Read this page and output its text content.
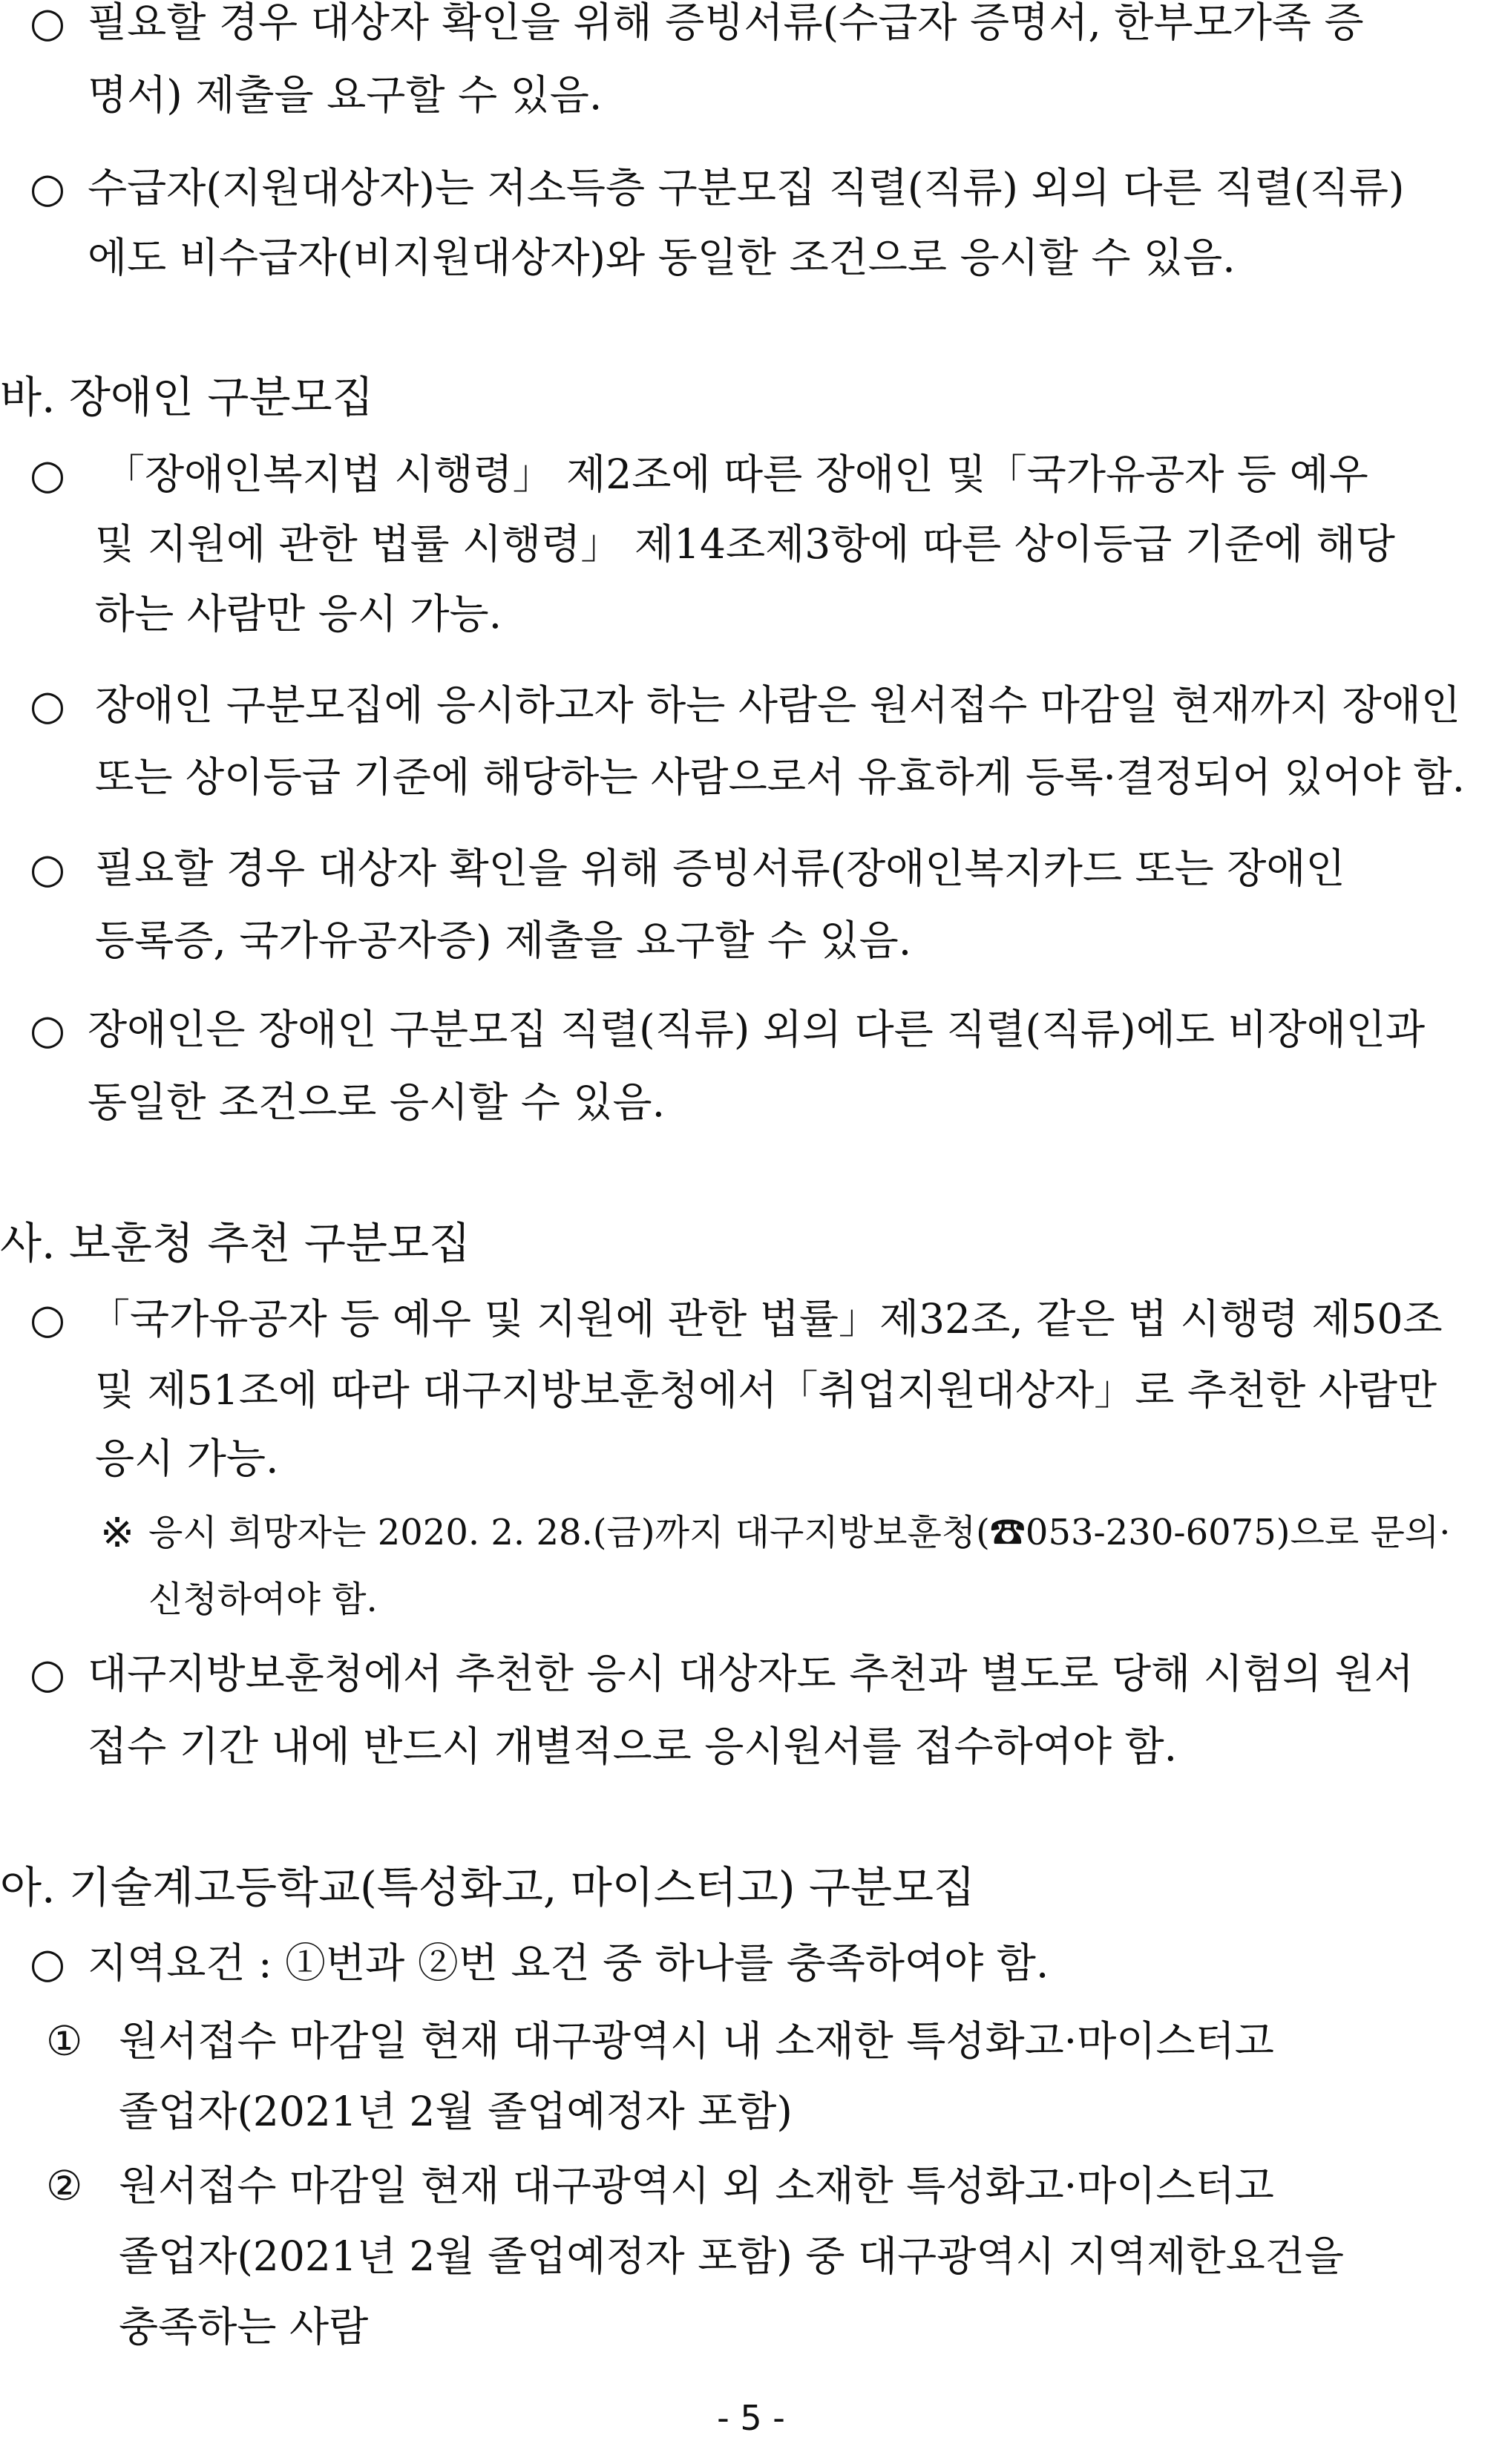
○ 필요할 경우 대상자 확인을 위해 증빙서류(수급자 증명서, 한부모가족 증
명서) 제출을 요구할 수 있음.
○ 수급자(지원대상자)는 저소득층 구분모집 직렬(직류) 외의 다른 직렬(직류)
에도 비수급자(비지원대상자)와 동일한 조건으로 응시할 수 있음.
바. 장애인 구분모집
○ 「장애인복지법 시행령」 제2조에 따른 장애인 및「국가유공자 등 예우
및 지원에 관한 법률 시행령」 제14조제3항에 따른 상이등급 기준에 해당
하는 사람만 응시 가능.
○ 장애인 구분모집에 응시하고자 하는 사람은 원서접수 마감일 현재까지 장애인
또는 상이등급 기준에 해당하는 사람으로서 유효하게 등록·결정되어 있어야 함.
○ 필요할 경우 대상자 확인을 위해 증빙서류(장애인복지카드 또는 장애인
등록증, 국가유공자증) 제출을 요구할 수 있음.
○ 장애인은 장애인 구분모집 직렬(직류) 외의 다른 직렬(직류)에도 비장애인과
동일한 조건으로 응시할 수 있음.
사. 보훈청 추천 구분모집
○ 「국가유공자 등 예우 및 지원에 관한 법률」제32조, 같은 법 시행령 제50조
및 제51조에 따라 대구지방보훈청에서「취업지원대상자」로 추천한 사람만
응시 가능.
※ 응시 희망자는 2020. 2. 28.(금)까지 대구지방보훈청(☎053-230-6075)으로 문의·
신청하여야 함.
○ 대구지방보훈청에서 추천한 응시 대상자도 추천과 별도로 당해 시험의 원서
접수 기간 내에 반드시 개별적으로 응시원서를 접수하여야 함.
아. 기술계고등학교(특성화고, 마이스터고) 구분모집
○ 지역요건 : ①번과 ②번 요건 중 하나를 충족하여야 함.
① 원서접수 마감일 현재 대구광역시 내 소재한 특성화고·마이스터고
졸업자(2021년 2월 졸업예정자 포함)
② 원서접수 마감일 현재 대구광역시 외 소재한 특성화고·마이스터고
졸업자(2021년 2월 졸업예정자 포함) 중 대구광역시 지역제한요건을
충족하는 사람
- 5 -
